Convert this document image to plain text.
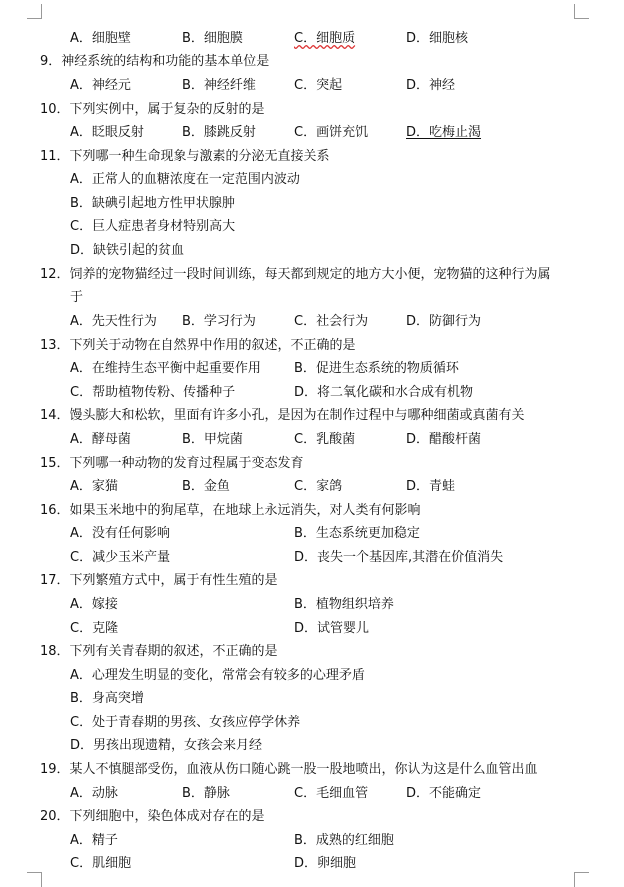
A．细胞壁	B．细胞膜	C．细胞质	D．细胞核
9．神经系统的结构和功能的基本单位是
A．神经元	B．神经纤维	C．突起	D．神经
10．下列实例中，属于复杂的反射的是
A．眨眼反射	B．膝跳反射	C．画饼充饥	D．吃梅止渴
11．下列哪一种生命现象与激素的分泌无直接关系
A．正常人的血糖浓度在一定范围内波动
B．缺碘引起地方性甲状腺肿
C．巨人症患者身材特别高大
D．缺铁引起的贫血
12．饲养的宠物猫经过一段时间训练，每天都到规定的地方大小便，宠物猫的这种行为属
于
A．先天性行为 B．学习行为	C．社会行为	D．防御行为
13．下列关于动物在自然界中作用的叙述，不正确的是
A．在维持生态平衡中起重要作用	B．促进生态系统的物质循环
C．帮助植物传粉、传播种子	D．将二氧化碳和水合成有机物
14．馒头膨大和松软，里面有许多小孔，是因为在制作过程中与哪种细菌或真菌有关
A．酵母菌	B．甲烷菌	C．乳酸菌	D．醋酸杆菌
15．下列哪一种动物的发育过程属于变态发育
A．家猫	B．金鱼	C．家鸽	D．青蛙
16．如果玉米地中的狗尾草，在地球上永远消失，对人类有何影响
A．没有任何影响	B．生态系统更加稳定
C．减少玉米产量	D．丧失一个基因库,其潜在价值消失
17．下列繁殖方式中，属于有性生殖的是
A．嫁接	B．植物组织培养
C．克隆	D．试管婴儿
18．下列有关青春期的叙述，不正确的是
A．心理发生明显的变化，常常会有较多的心理矛盾
B．身高突增
C．处于青春期的男孩、女孩应停学休养
D．男孩出现遗精，女孩会来月经
19．某人不慎腿部受伤，血液从伤口随心跳一股一股地喷出，你认为这是什么血管出血
A．动脉	B．静脉	C．毛细血管	D．不能确定
20．下列细胞中，染色体成对存在的是
A．精子	B．成熟的红细胞
C．肌细胞	D．卵细胞
